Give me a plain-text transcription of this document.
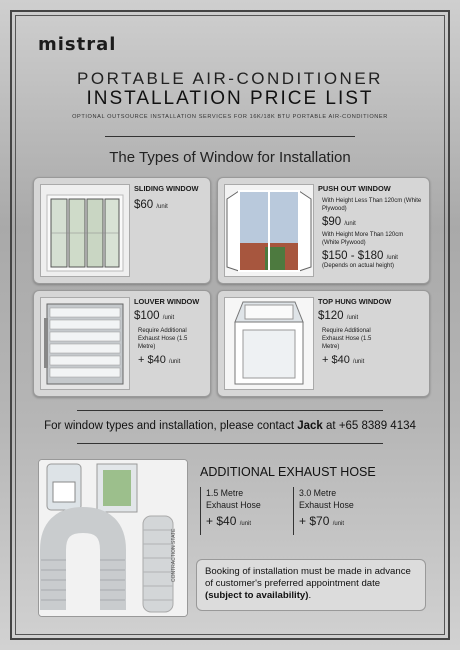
mistral
PORTABLE AIR-CONDITIONER
INSTALLATION PRICE LIST
OPTIONAL OUTSOURCE INSTALLATION SERVICES FOR 16K/18K BTU PORTABLE AIR-CONDITIONER
The Types of Window for Installation
SLIDING WINDOW
$60 /unit
PUSH OUT WINDOW
With Height Less Than 120cm (White Plywood)
$90 /unit
With Height More Than 120cm (White Plywood)
$150 - $180 /unit
(Depends on actual height)
LOUVER WINDOW
$100 /unit
Require Additional Exhaust Hose (1.5 Metre)
+ $40 /unit
TOP HUNG WINDOW
$120 /unit
Require Additional Exhaust Hose (1.5 Metre)
+ $40 /unit
For window types and installation, please contact Jack at +65 8389 4134
CONTRACTION STATE
ADDITIONAL EXHAUST HOSE
1.5 Metre
Exhaust Hose
+ $40 /unit
3.0 Metre
Exhaust Hose
+ $70 /unit
Booking of installation must be made in advance of customer's preferred appointment date (subject to availability).
